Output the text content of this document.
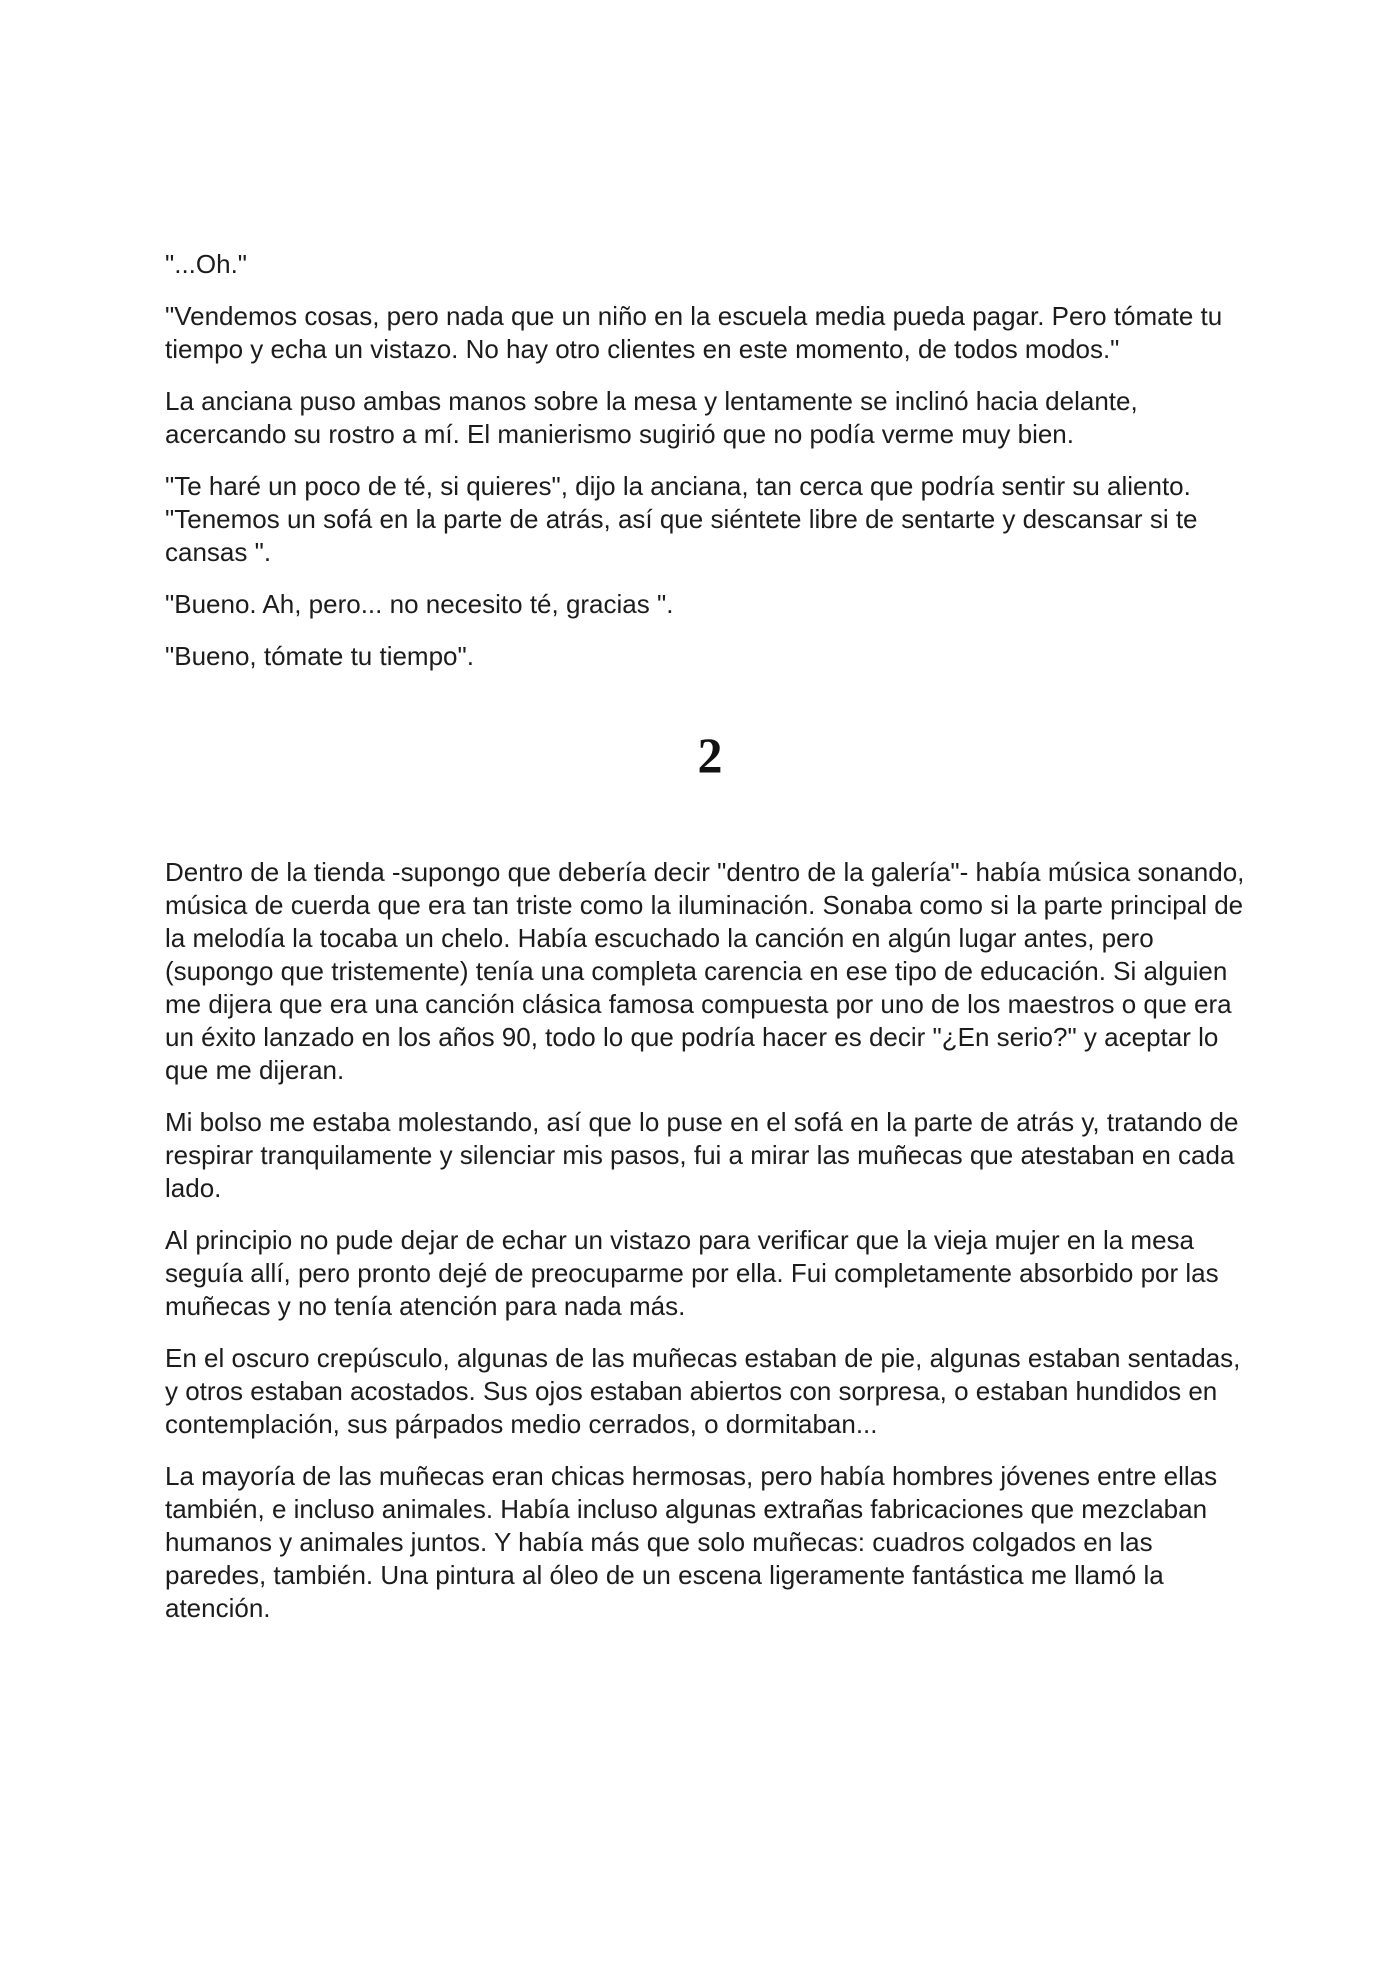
"...Oh."

"Vendemos cosas, pero nada que un niño en la escuela media pueda pagar. Pero tómate tu tiempo y echa un vistazo. No hay otro clientes en este momento, de todos modos."

La anciana puso ambas manos sobre la mesa y lentamente se inclinó hacia delante, acercando su rostro a mí. El manierismo sugirió que no podía verme muy bien.

"Te haré un poco de té, si quieres", dijo la anciana, tan cerca que podría sentir su aliento. "Tenemos un sofá en la parte de atrás, así que siéntete libre de sentarte y descansar si te cansas ".

"Bueno. Ah, pero... no necesito té, gracias ".

"Bueno, tómate tu tiempo".

2

Dentro de la tienda -supongo que debería decir "dentro de la galería"- había música sonando, música de cuerda que era tan triste como la iluminación. Sonaba como si la parte principal de la melodía la tocaba un chelo. Había escuchado la canción en algún lugar antes, pero (supongo que tristemente) tenía una completa carencia en ese tipo de educación. Si alguien me dijera que era una canción clásica famosa compuesta por uno de los maestros o que era un éxito lanzado en los años 90, todo lo que podría hacer es decir "¿En serio?" y aceptar lo que me dijeran.

Mi bolso me estaba molestando, así que lo puse en el sofá en la parte de atrás y, tratando de respirar tranquilamente y silenciar mis pasos, fui a mirar las muñecas que atestaban en cada lado.

Al principio no pude dejar de echar un vistazo para verificar que la vieja mujer en la mesa seguía allí, pero pronto dejé de preocuparme por ella. Fui completamente absorbido por las muñecas y no tenía atención para nada más.

En el oscuro crepúsculo, algunas de las muñecas estaban de pie, algunas estaban sentadas, y otros estaban acostados. Sus ojos estaban abiertos con sorpresa, o estaban hundidos en contemplación, sus párpados medio cerrados, o dormitaban...

La mayoría de las muñecas eran chicas hermosas, pero había hombres jóvenes entre ellas también, e incluso animales. Había incluso algunas extrañas fabricaciones que mezclaban humanos y animales juntos. Y había más que solo muñecas: cuadros colgados en las paredes, también. Una pintura al óleo de un escena ligeramente fantástica me llamó la atención.
